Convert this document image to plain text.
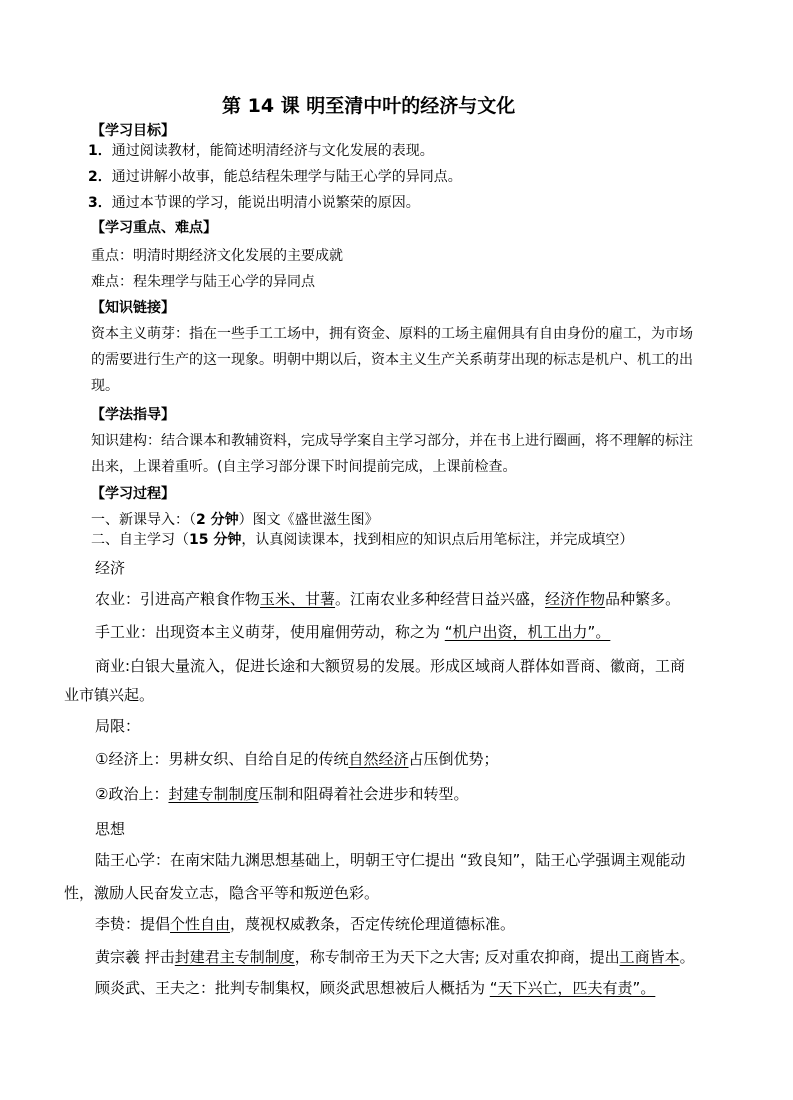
第 14 课 明至清中叶的经济与文化
【学习目标】
1．通过阅读教材，能简述明清经济与文化发展的表现。
2．通过讲解小故事，能总结程朱理学与陆王心学的异同点。
3．通过本节课的学习，能说出明清小说繁荣的原因。
【学习重点、难点】
重点：明清时期经济文化发展的主要成就
难点：程朱理学与陆王心学的异同点
【知识链接】
资本主义萌芽：指在一些手工工场中，拥有资金、原料的工场主雇佣具有自由身份的雇工，为市场
的需要进行生产的这一现象。明朝中期以后，资本主义生产关系萌芽出现的标志是机户、机工的出
现。
【学法指导】
知识建构：结合课本和教辅资料，完成导学案自主学习部分，并在书上进行圈画，将不理解的标注
出来，上课着重听。(自主学习部分课下时间提前完成，上课前检查。
【学习过程】
一、新课导入：（2 分钟）图文《盛世滋生图》
二、自主学习（15 分钟，认真阅读课本，找到相应的知识点后用笔标注，并完成填空）
经济
农业：引进高产粮食作物玉米、甘薯。江南农业多种经营日益兴盛，经济作物品种繁多。
手工业：出现资本主义萌芽，使用雇佣劳动，称之为 “机户出资，机工出力”。
商业:白银大量流入，促进长途和大额贸易的发展。形成区域商人群体如晋商、徽商，工商
业市镇兴起。
局限：
①经济上：男耕女织、自给自足的传统自然经济占压倒优势；
②政治上：封建专制制度压制和阻碍着社会进步和转型。
思想
陆王心学：在南宋陆九渊思想基础上，明朝王守仁提出 “致良知”，陆王心学强调主观能动
性，激励人民奋发立志，隐含平等和叛逆色彩。
李贽：提倡个性自由，蔑视权威教条，否定传统伦理道德标准。
黄宗羲 抨击封建君主专制制度，称专制帝王为天下之大害; 反对重农抑商，提出工商皆本。
顾炎武、王夫之：批判专制集权，顾炎武思想被后人概括为 “天下兴亡，匹夫有责”。
